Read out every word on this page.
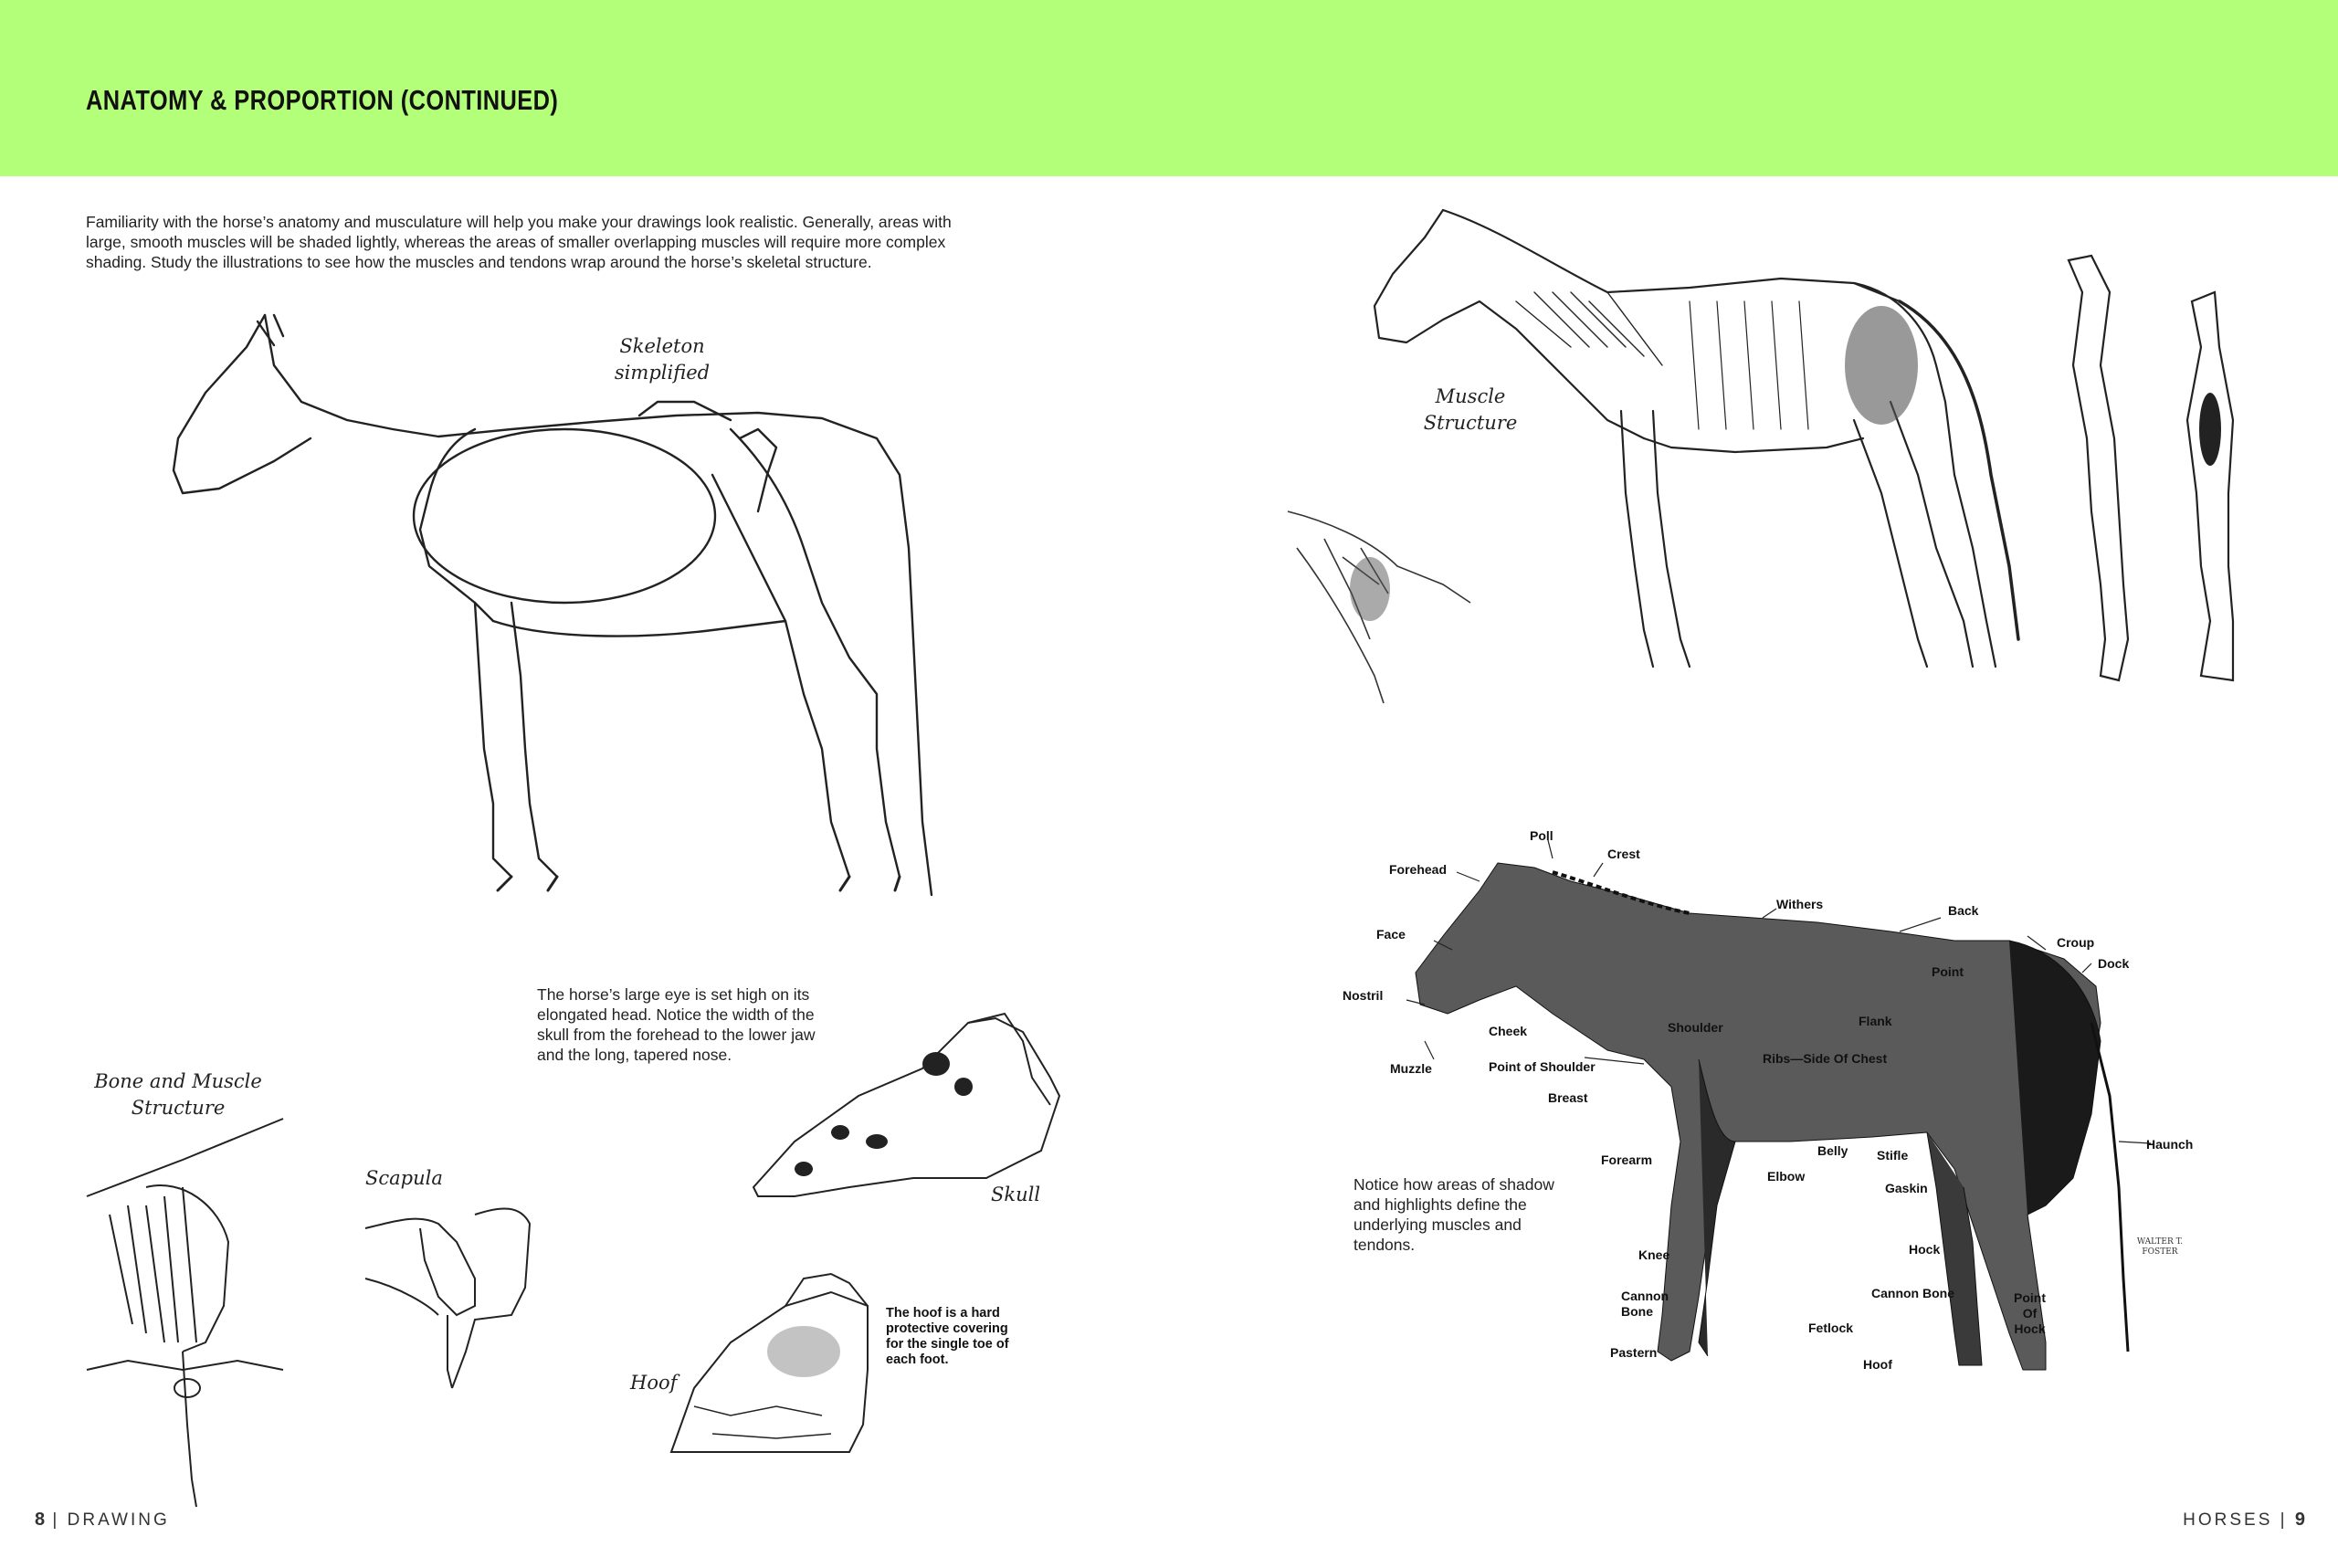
ANATOMY & PROPORTION (CONTINUED)
Familiarity with the horse’s anatomy and musculature will help you make your drawings look realistic. Generally, areas with large, smooth muscles will be shaded lightly, whereas the areas of smaller overlapping muscles will require more complex shading. Study the illustrations to see how the muscles and tendons wrap around the horse’s skeletal structure.
Skeleton
simplified
Muscle
Structure
Bone and Muscle
Structure
Scapula
Skull
Hoof
The horse’s large eye is set high on its elongated head. Notice the width of the skull from the forehead to the lower jaw and the long, tapered nose.
The hoof is a hard protective covering for the single toe of each foot.
Notice how areas of shadow and highlights define the underlying muscles and tendons.
Poll
Crest
Forehead
Withers	Back
Face
Croup
Dock
Point
Nostril
Flank
Shoulder
Cheek
Ribs—Side Of Chest
Muzzle	Point of Shoulder
Breast
Haunch
Belly Stifle
Forearm
Elbow
Gaskin
Knee	Hock
Cannon
Bone
Cannon Bone	Point
Of
Hock
Fetlock
Pastern
Hoof
WALTER T. FOSTER
8 | DRAWING	HORSES | 9
